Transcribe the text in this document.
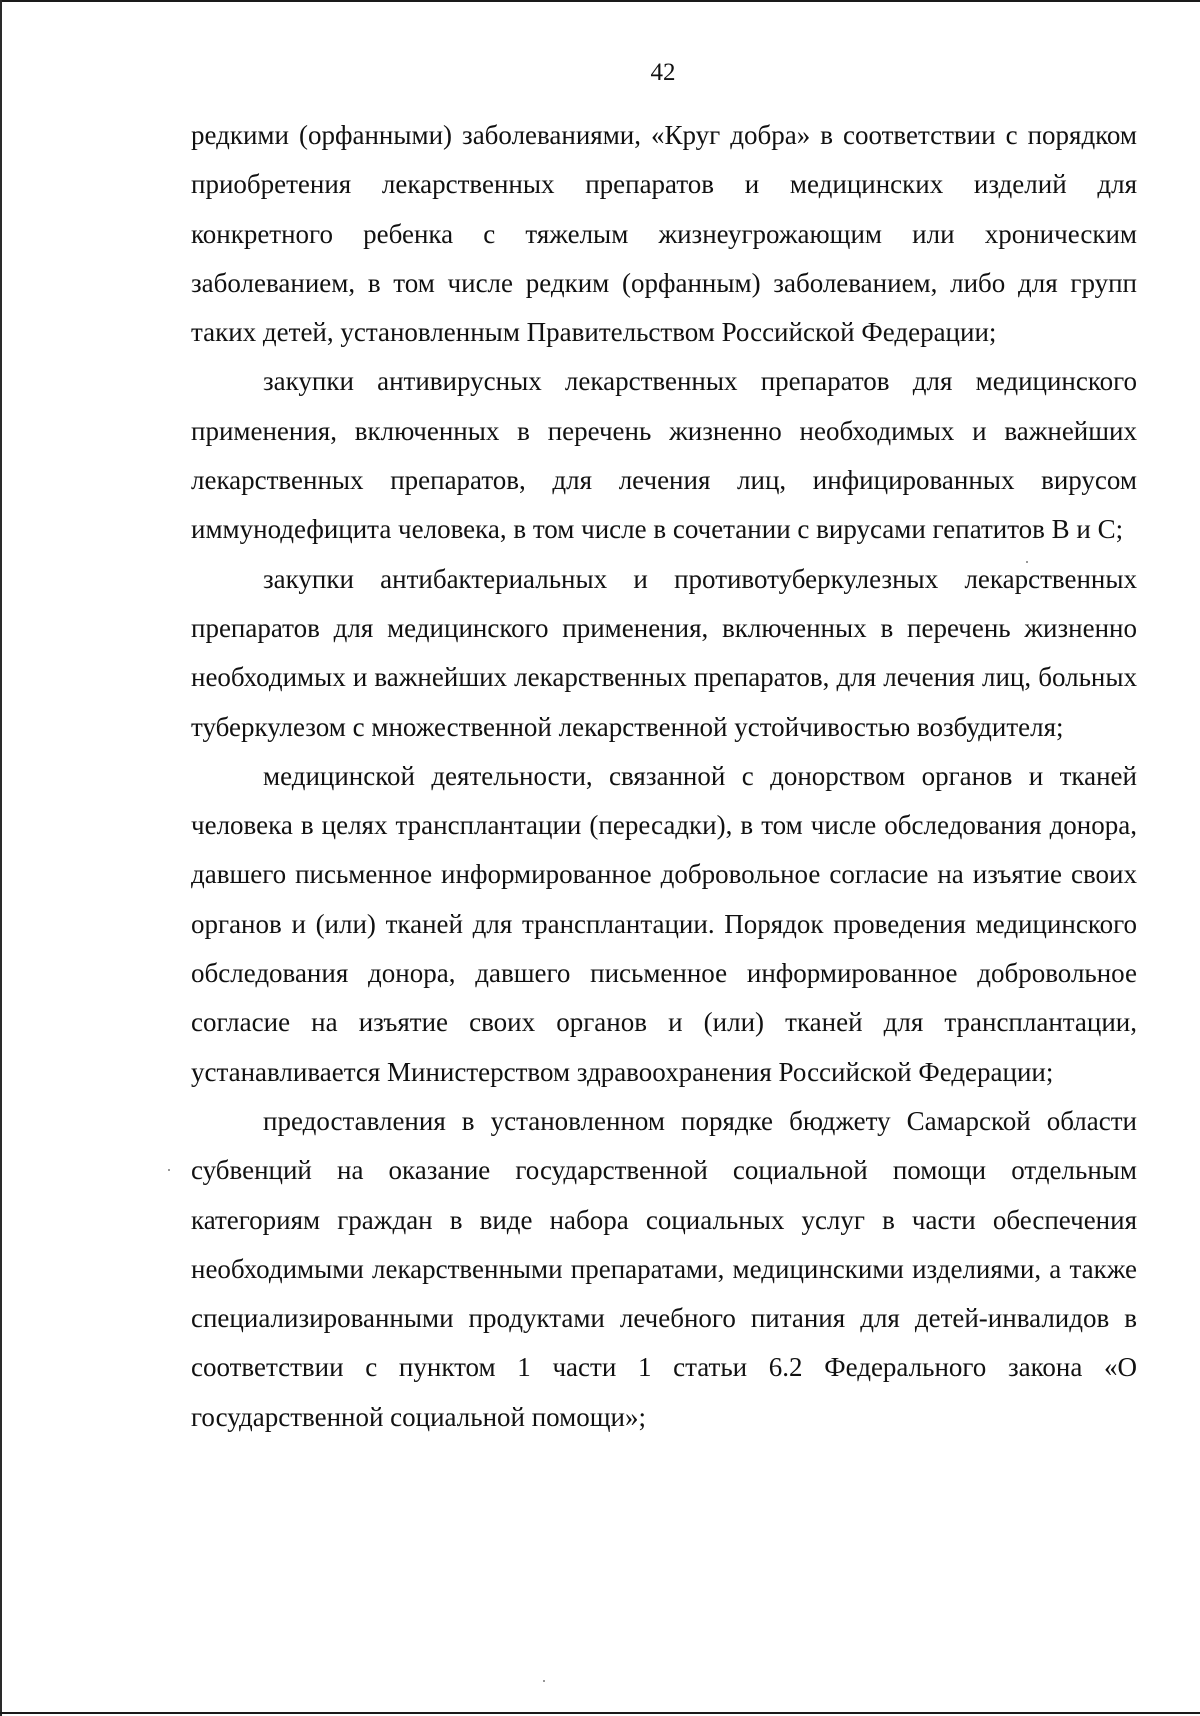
42

редкими (орфанными) заболеваниями, «Круг добра» в соответствии с порядком приобретения лекарственных препаратов и медицинских изделий для конкретного ребенка с тяжелым жизнеугрожающим или хроническим заболеванием, в том числе редким (орфанным) заболеванием, либо для групп таких детей, установленным Правительством Российской Федерации;

закупки антивирусных лекарственных препаратов для медицинского применения, включенных в перечень жизненно необходимых и важнейших лекарственных препаратов, для лечения лиц, инфицированных вирусом иммунодефицита человека, в том числе в сочетании с вирусами гепатитов В и С;

закупки антибактериальных и противотуберкулезных лекарственных препаратов для медицинского применения, включенных в перечень жизненно необходимых и важнейших лекарственных препаратов, для лечения лиц, больных туберкулезом с множественной лекарственной устойчивостью возбудителя;

медицинской деятельности, связанной с донорством органов и тканей человека в целях трансплантации (пересадки), в том числе обследования донора, давшего письменное информированное добровольное согласие на изъятие своих органов и (или) тканей для трансплантации. Порядок проведения медицинского обследования донора, давшего письменное информированное добровольное согласие на изъятие своих органов и (или) тканей для трансплантации, устанавливается Министерством здравоохранения Российской Федерации;

предоставления в установленном порядке бюджету Самарской области субвенций на оказание государственной социальной помощи отдельным категориям граждан в виде набора социальных услуг в части обеспечения необходимыми лекарственными препаратами, медицинскими изделиями, а также специализированными продуктами лечебного питания для детей-инвалидов в соответствии с пунктом 1 части 1 статьи 6.2 Федерального закона «О государственной социальной помощи»;
